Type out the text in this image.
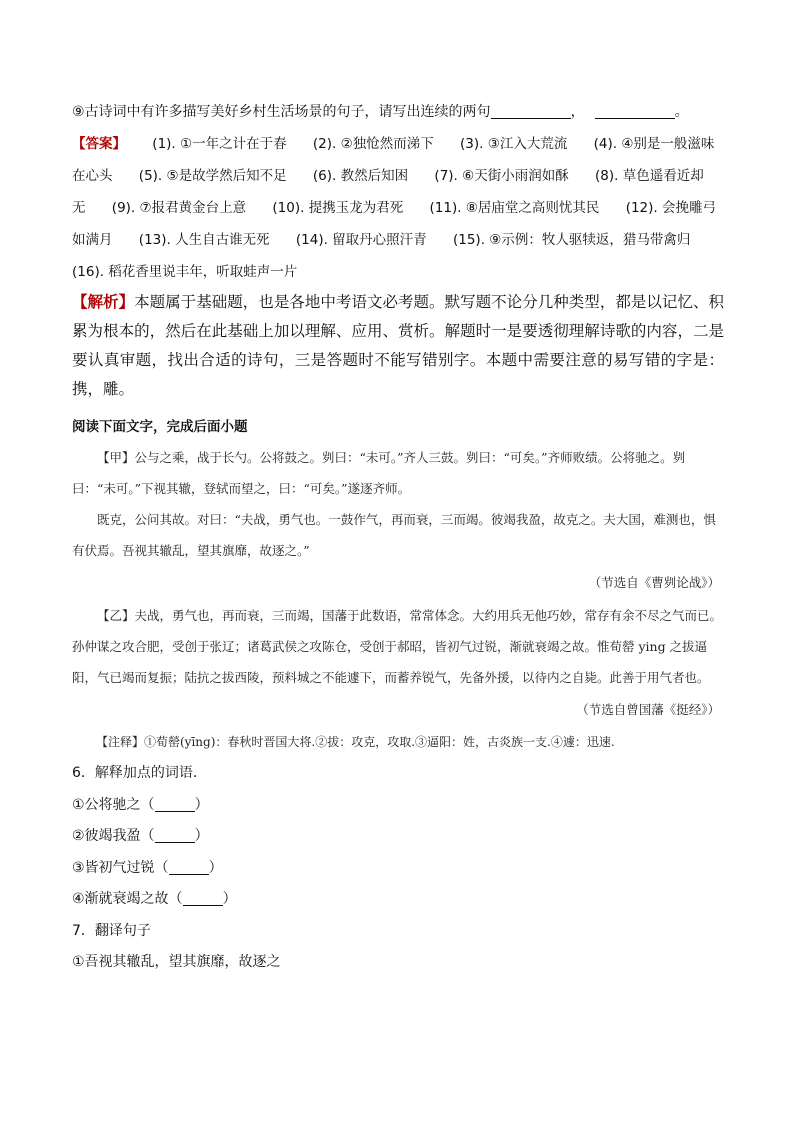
⑨古诗词中有许多描写美好乡村生活场景的句子，请写出连续的两句	，	。
【答案】 (1). ①一年之计在于春 (2). ②独怆然而涕下 (3). ③江入大荒流 (4). ④别是一般滋味
在心头 (5). ⑤是故学然后知不足 (6). 教然后知困 (7). ⑥天街小雨润如酥 (8). 草色遥看近却
无 (9). ⑦报君黄金台上意 (10). 提携玉龙为君死 (11). ⑧居庙堂之高则忧其民 (12). 会挽雕弓
如满月 (13). 人生自古谁无死 (14). 留取丹心照汗青 (15). ⑨示例：牧人驱犊返，猎马带禽归
(16). 稻花香里说丰年，听取蛙声一片
【解析】本题属于基础题，也是各地中考语文必考题。默写题不论分几种类型，都是以记忆、积累为根本的，然后在此基础上加以理解、应用、赏析。解题时一是要透彻理解诗歌的内容，二是要认真审题，找出合适的诗句，三是答题时不能写错别字。本题中需要注意的易写错的字是：携，雕。
阅读下面文字，完成后面小题
【甲】公与之乘，战于长勺。公将鼓之。刿曰：“未可。”齐人三鼓。刿曰：“可矣。”齐师败绩。公将驰之。刿曰：“未可。”下视其辙，登轼而望之，曰：“可矣。”遂逐齐师。
既克，公问其故。对曰：“夫战，勇气也。一鼓作气，再而衰，三而竭。彼竭我盈，故克之。夫大国，难测也，惧有伏焉。吾视其辙乱，望其旗靡，故逐之。”
（节选自《曹刿论战》）
【乙】夫战，勇气也，再而衰，三而竭，国藩于此数语，常常体念。大约用兵无他巧妙，常存有余不尽之气而已。孙仲谋之攻合肥，受创于张辽；诸葛武侯之攻陈仓，受创于郝昭，皆初气过锐，渐就衰竭之故。惟荀罃 ying 之拔逼阳，气已竭而复振；陆抗之拔西陵，预料城之不能遽下，而蓄养锐气，先备外援，以待内之自毙。此善于用气者也。
（节选自曾国藩《挺经》）
【注释】①荀罃(yīng)：春秋时晋国大将.②拔：攻克，攻取.③逼阳：姓，古炎族一支.④遽：迅速.
6．解释加点的词语.
①公将驰之（	）
②彼竭我盈（	）
③皆初气过锐（	）
④渐就衰竭之故（	）
7．翻译句子
①吾视其辙乱，望其旗靡，故逐之
